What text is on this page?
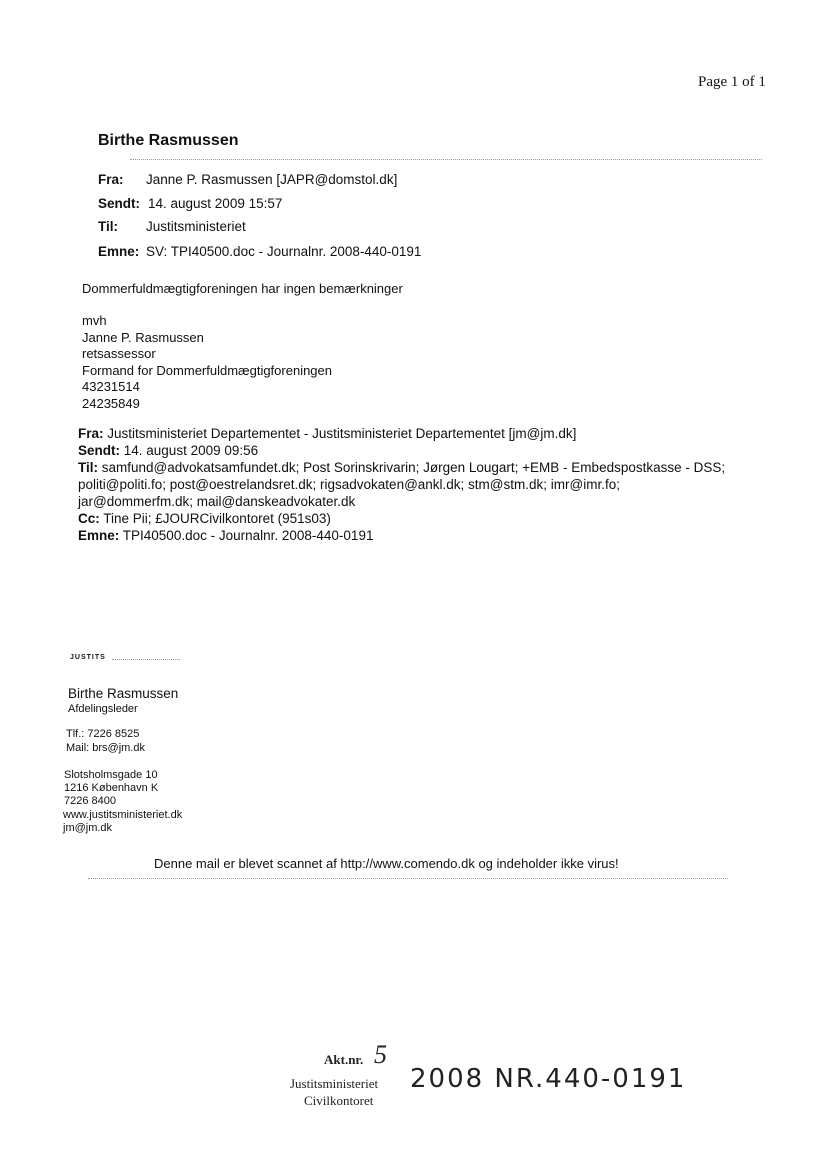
Page 1 of 1
Birthe Rasmussen
Fra: Janne P. Rasmussen [JAPR@domstol.dk]
Sendt: 14. august 2009 15:57
Til: Justitsministeriet
Emne: SV: TPI40500.doc - Journalnr. 2008-440-0191
Dommerfuldmægtigforeningen har ingen bemærkninger
mvh
Janne P. Rasmussen
retsassessor
Formand for Dommerfuldmægtigforeningen
43231514
24235849
Fra: Justitsministeriet Departementet - Justitsministeriet Departementet [jm@jm.dk]
Sendt: 14. august 2009 09:56
Til: samfund@advokatsamfundet.dk; Post Sorinskrivarin; Jørgen Lougart; +EMB - Embedspostkasse - DSS;
politi@politi.fo; post@oestrelandsret.dk; rigsadvokaten@ankl.dk; stm@stm.dk; imr@imr.fo;
jar@dommerfm.dk; mail@danskeadvokater.dk
Cc: Tine Pii; £JOURCivilkontoret (951s03)
Emne: TPI40500.doc - Journalnr. 2008-440-0191
JUSTITS
Birthe Rasmussen
Afdelingsleder
Tlf.: 7226 8525
Mail: brs@jm.dk
Slotsholmsgade 10
1216 København K
7226 8400
www.justitsministeriet.dk
jm@jm.dk
Denne mail er blevet scannet af http://www.comendo.dk og indeholder ikke virus!
Akt.nr. 5
Justitsministeriet
Civilkontoret
2008 NR.440-0191
